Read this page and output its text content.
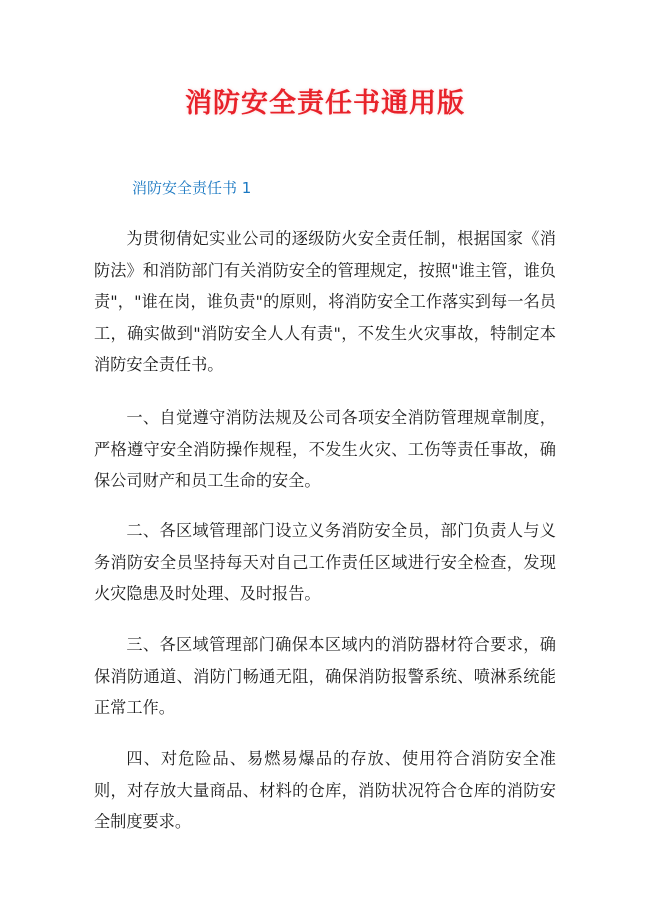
消防安全责任书通用版
消防安全责任书 1

为贯彻倩妃实业公司的逐级防火安全责任制，根据国家《消防法》和消防部门有关消防安全的管理规定，按照"谁主管，谁负责"，"谁在岗，谁负责"的原则，将消防安全工作落实到每一名员工，确实做到"消防安全人人有责"，不发生火灾事故，特制定本消防安全责任书。

一、自觉遵守消防法规及公司各项安全消防管理规章制度，严格遵守安全消防操作规程，不发生火灾、工伤等责任事故，确保公司财产和员工生命的安全。

二、各区域管理部门设立义务消防安全员，部门负责人与义务消防安全员坚持每天对自己工作责任区域进行安全检查，发现火灾隐患及时处理、及时报告。

三、各区域管理部门确保本区域内的消防器材符合要求，确保消防通道、消防门畅通无阻，确保消防报警系统、喷淋系统能正常工作。

四、对危险品、易燃易爆品的存放、使用符合消防安全准则，对存放大量商品、材料的仓库，消防状况符合仓库的消防安全制度要求。
